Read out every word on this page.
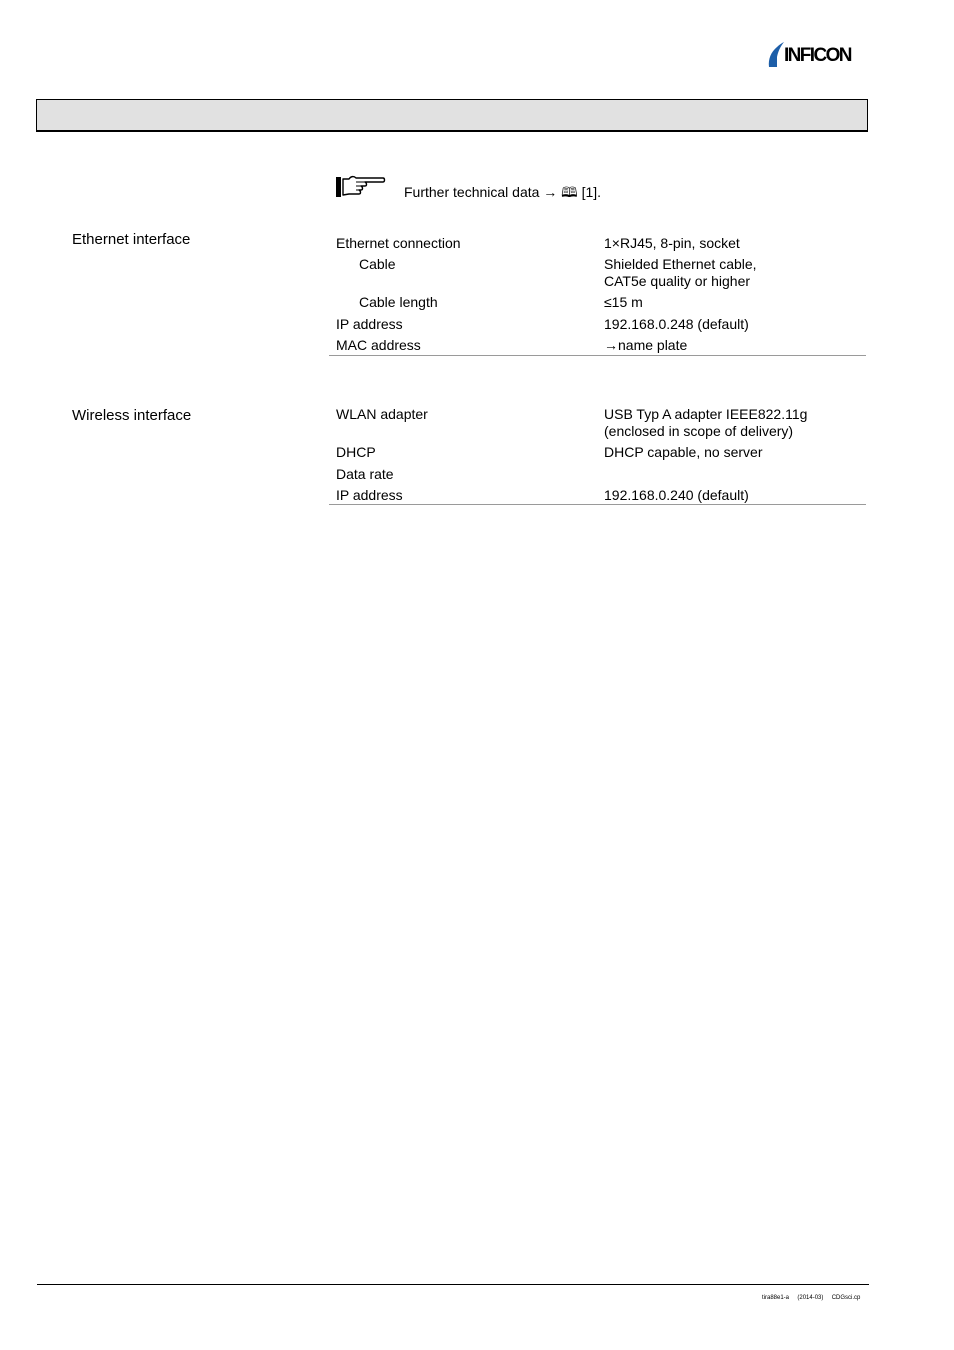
INFICON
Further technical data → 🕮 [1].
Ethernet interface	Ethernet connection	1×RJ45, 8-pin, socket
Cable	Shielded Ethernet cable,
CAT5e quality or higher
Cable length	≤15 m
IP address	192.168.0.248 (default)
MAC address	→name plate
Wireless interface	WLAN adapter	USB Typ A adapter IEEE822.11g
(enclosed in scope of delivery)
DHCP	DHCP capable, no server
Data rate
IP address	192.168.0.240 (default)
tira88e1-a     (2014-03)     CDGsci.cp
